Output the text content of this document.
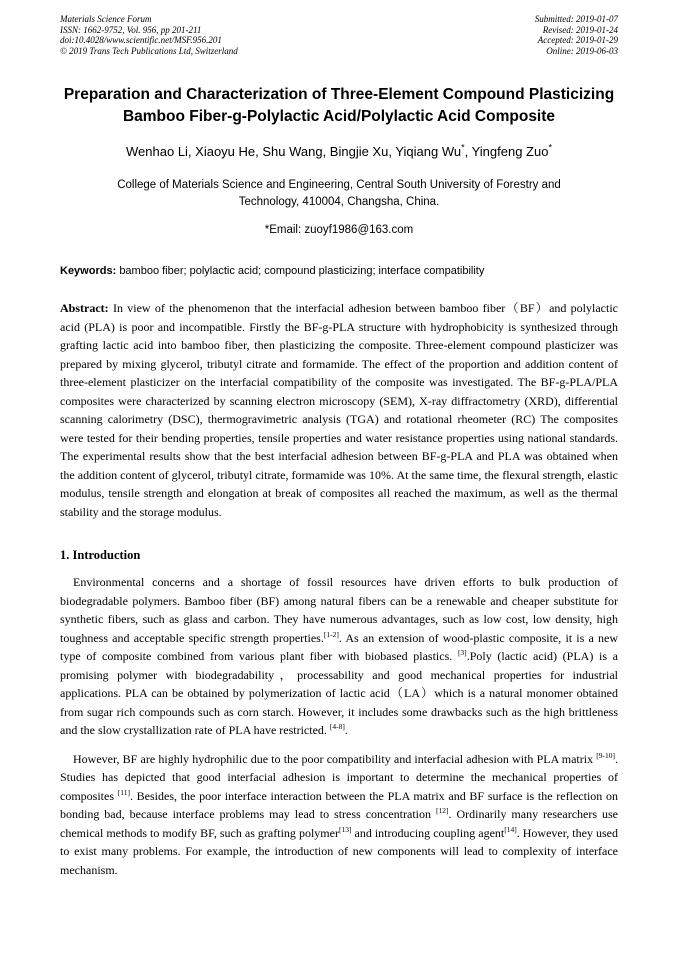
Materials Science Forum
ISSN: 1662-9752, Vol. 956, pp 201-211
doi:10.4028/www.scientific.net/MSF.956.201
© 2019 Trans Tech Publications Ltd, Switzerland
Submitted: 2019-01-07
Revised: 2019-01-24
Accepted: 2019-01-29
Online: 2019-06-03
Preparation and Characterization of Three-Element Compound Plasticizing Bamboo Fiber-g-Polylactic Acid/Polylactic Acid Composite

Wenhao Li, Xiaoyu He, Shu Wang, Bingjie Xu, Yiqiang Wu*, Yingfeng Zuo*

College of Materials Science and Engineering, Central South University of Forestry and Technology, 410004, Changsha, China.

*Email: zuoyf1986@163.com

Keywords: bamboo fiber; polylactic acid; compound plasticizing; interface compatibility

Abstract: In view of the phenomenon that the interfacial adhesion between bamboo fiber（BF）and polylactic acid (PLA) is poor and incompatible. Firstly the BF-g-PLA structure with hydrophobicity is synthesized through grafting lactic acid into bamboo fiber, then plasticizing the composite. Three-element compound plasticizer was prepared by mixing glycerol, tributyl citrate and formamide. The effect of the proportion and addition content of three-element plasticizer on the interfacial compatibility of the composite was investigated. The BF-g-PLA/PLA composites were characterized by scanning electron microscopy (SEM), X-ray diffractometry (XRD), differential scanning calorimetry (DSC), thermogravimetric analysis (TGA) and rotational rheometer (RC) The composites were tested for their bending properties, tensile properties and water resistance properties using national standards. The experimental results show that the best interfacial adhesion between BF-g-PLA and PLA was obtained when the addition content of glycerol, tributyl citrate, formamide was 10%. At the same time, the flexural strength, elastic modulus, tensile strength and elongation at break of composites all reached the maximum, as well as the thermal stability and the storage modulus.

1. Introduction

Environmental concerns and a shortage of fossil resources have driven efforts to bulk production of biodegradable polymers. Bamboo fiber (BF) among natural fibers can be a renewable and cheaper substitute for synthetic fibers, such as glass and carbon. They have numerous advantages, such as low cost, low density, high toughness and acceptable specific strength properties.[1-2]. As an extension of wood-plastic composite, it is a new type of composite combined from various plant fiber with biobased plastics. [3].Poly (lactic acid) (PLA) is a promising polymer with biodegradability，processability and good mechanical properties for industrial applications. PLA can be obtained by polymerization of lactic acid（LA）which is a natural monomer obtained from sugar rich compounds such as corn starch. However, it includes some drawbacks such as the high brittleness and the slow crystallization rate of PLA have restricted. [4-8].

However, BF are highly hydrophilic due to the poor compatibility and interfacial adhesion with PLA matrix [9-10]. Studies has depicted that good interfacial adhesion is important to determine the mechanical properties of composites [11]. Besides, the poor interface interaction between the PLA matrix and BF surface is the reflection on bonding bad, because interface problems may lead to stress concentration [12]. Ordinarily many researchers use chemical methods to modify BF, such as grafting polymer[13] and introducing coupling agent[14]. However, they used to exist many problems. For example, the introduction of new components will lead to complexity of interface mechanism.
